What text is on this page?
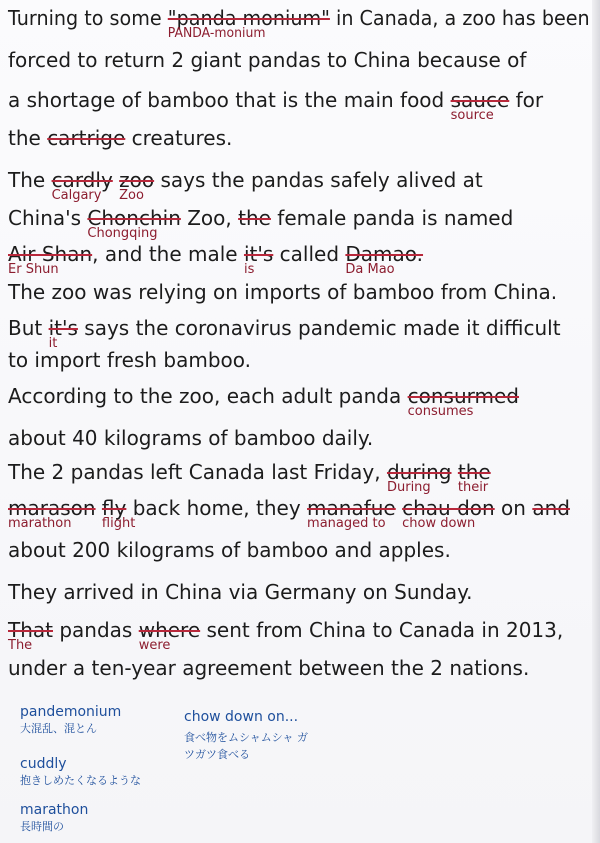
Turning to some "panda monium"
PANDA-monium
in Canada, a zoo has been
forced to return 2 giant pandas to China because of
a shortage of bamboo that is the main food sauce
source
for
the cartrige creatures.
The cardly
Calgary
zoo
Zoo
says the pandas safely alived at
China's Chonchin
Chongqing
Zoo, the female panda is named
Air Shan
Er Shun
, and the male it's
is
called Damao.
Da Mao
The zoo was relying on imports of bamboo from China.
But it's
it
says the coronavirus pandemic made it difficult
to import fresh bamboo.
According to the zoo, each adult panda consurmed
consumes
about 40 kilograms of bamboo daily.
The 2 pandas left Canada last Friday, during
During
the
their
marason
marathon
fly
flight
back home, they manafue
managed to
chau don
chow down
on and
about 200 kilograms of bamboo and apples.
They arrived in China via Germany on Sunday.
That
The
pandas where
were
sent from China to Canada in 2013,
under a ten-year agreement between the 2 nations.
pandemonium
大混乱、混とん
cuddly
抱きしめたくなるような
marathon
長時間の
chow down on...
食べ物をムシャムシャ ガツガツ食べる
